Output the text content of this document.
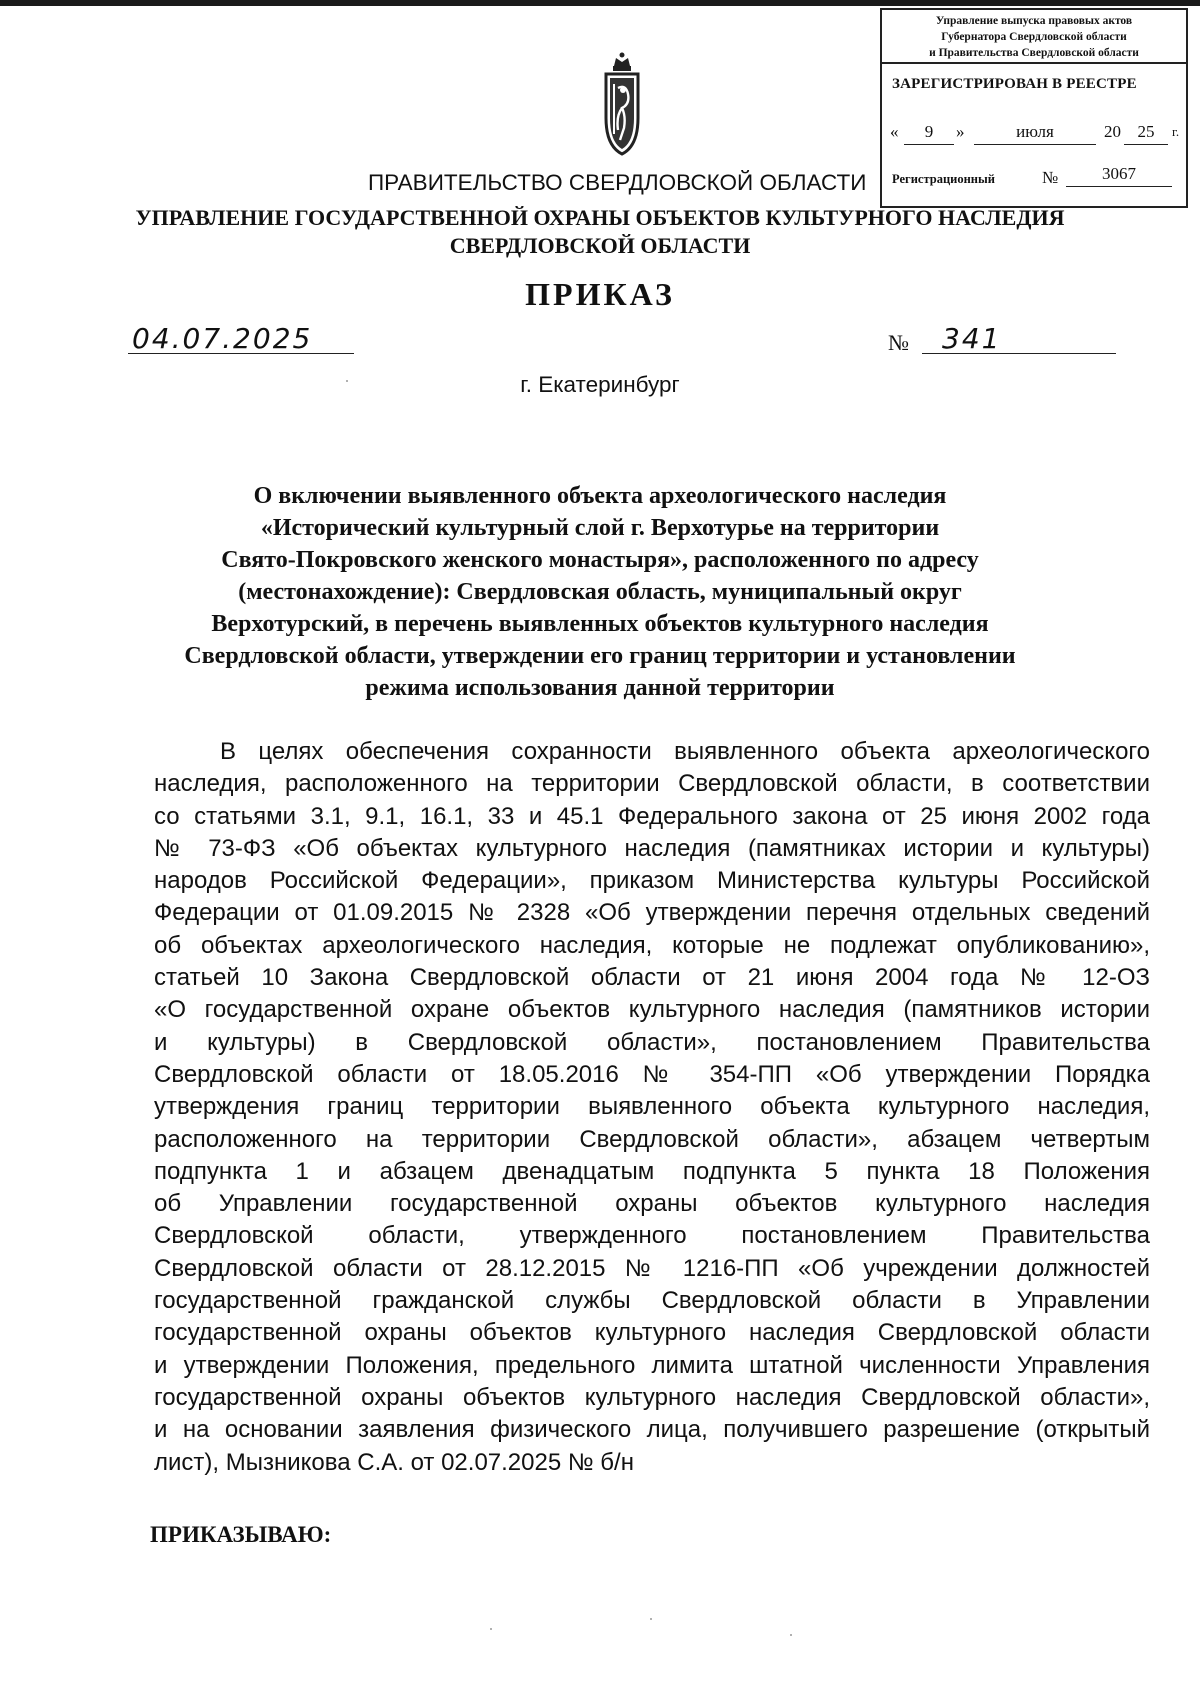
Управление выпуска правовых актов
Губернатора Свердловской области
и Правительства Свердловской области
ЗАРЕГИСТРИРОВАН В РЕЕСТРЕ
«	9	»	июля	20 25	г.
Регистрационный	№	3067
ПРАВИТЕЛЬСТВО СВЕРДЛОВСКОЙ ОБЛАСТИ
УПРАВЛЕНИЕ ГОСУДАРСТВЕННОЙ ОХРАНЫ ОБЪЕКТОВ КУЛЬТУРНОГО НАСЛЕДИЯ
СВЕРДЛОВСКОЙ ОБЛАСТИ
ПРИКАЗ
04.07.2025	№	341
г. Екатеринбург
О включении выявленного объекта археологического наследия
«Исторический культурный слой г. Верхотурье на территории
Свято-Покровского женского монастыря», расположенного по адресу
(местонахождение): Свердловская область, муниципальный округ
Верхотурский, в перечень выявленных объектов культурного наследия
Свердловской области, утверждении его границ территории и установлении
режима использования данной территории
В целях обеспечения сохранности выявленного объекта археологического
наследия, расположенного на территории Свердловской области, в соответствии
со статьями 3.1, 9.1, 16.1, 33 и 45.1 Федерального закона от 25 июня 2002 года
№ 73-ФЗ «Об объектах культурного наследия (памятниках истории и культуры)
народов Российской Федерации», приказом Министерства культуры Российской
Федерации от 01.09.2015 № 2328 «Об утверждении перечня отдельных сведений
об объектах археологического наследия, которые не подлежат опубликованию»,
статьей 10 Закона Свердловской области от 21 июня 2004 года № 12-ОЗ
«О государственной охране объектов культурного наследия (памятников истории
и культуры) в Свердловской области», постановлением Правительства
Свердловской области от 18.05.2016 № 354-ПП «Об утверждении Порядка
утверждения границ территории выявленного объекта культурного наследия,
расположенного на территории Свердловской области», абзацем четвертым
подпункта 1 и абзацем двенадцатым подпункта 5 пункта 18 Положения
об Управлении государственной охраны объектов культурного наследия
Свердловской области, утвержденного постановлением Правительства
Свердловской области от 28.12.2015 № 1216-ПП «Об учреждении должностей
государственной гражданской службы Свердловской области в Управлении
государственной охраны объектов культурного наследия Свердловской области
и утверждении Положения, предельного лимита штатной численности Управления
государственной охраны объектов культурного наследия Свердловской области»,
и на основании заявления физического лица, получившего разрешение (открытый
лист), Мызникова С.А. от 02.07.2025 № б/н
ПРИКАЗЫВАЮ:
